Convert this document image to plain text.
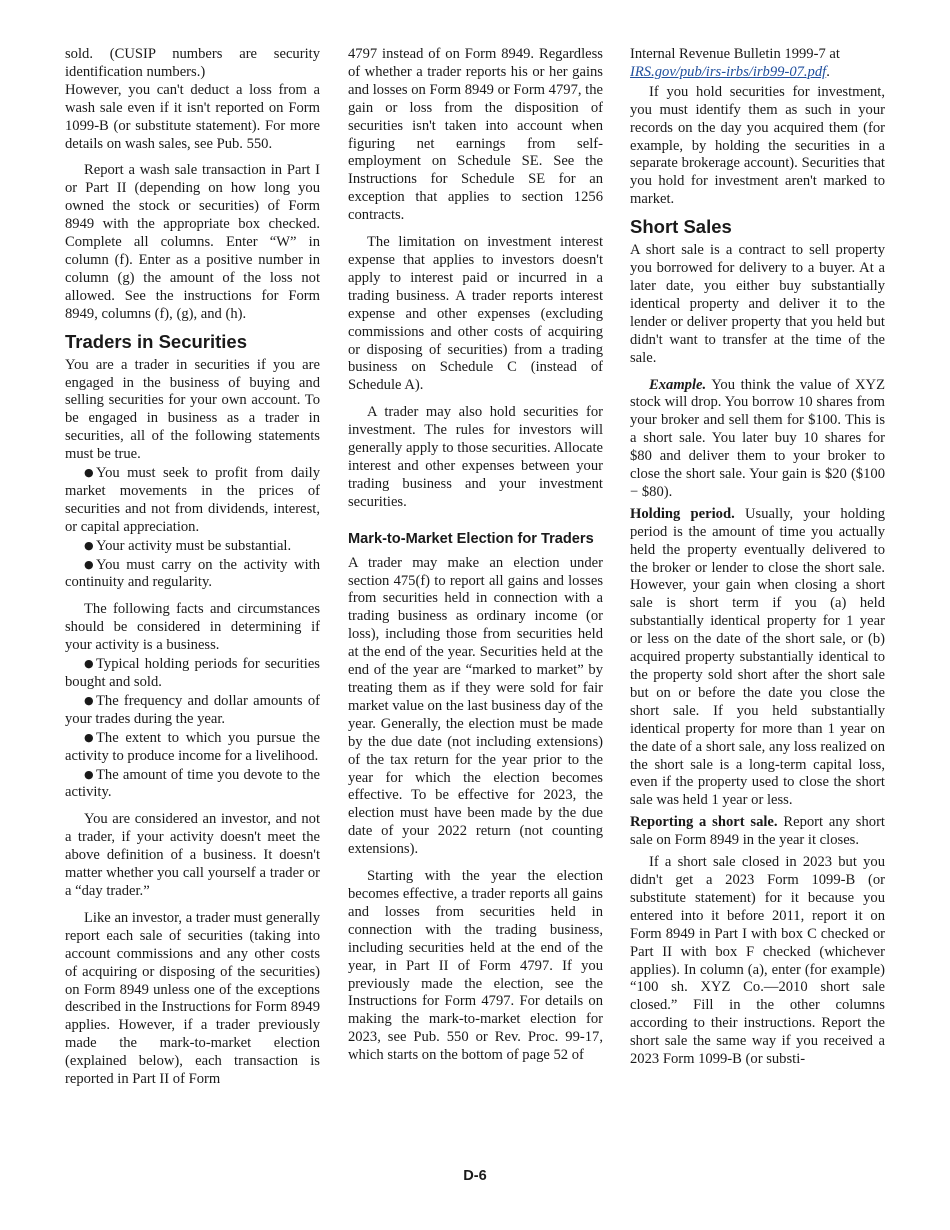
sold. (CUSIP numbers are security identification numbers.)

However, you can't deduct a loss from a wash sale even if it isn't reported on Form 1099-B (or substitute statement). For more details on wash sales, see Pub. 550.

Report a wash sale transaction in Part I or Part II (depending on how long you owned the stock or securities) of Form 8949 with the appropriate box checked. Complete all columns. Enter “W” in column (f). Enter as a positive number in column (g) the amount of the loss not allowed. See the instructions for Form 8949, columns (f), (g), and (h).

Traders in Securities

You are a trader in securities if you are engaged in the business of buying and selling securities for your own account. To be engaged in business as a trader in securities, all of the following statements must be true.

● You must seek to profit from daily market movements in the prices of securities and not from dividends, interest, or capital appreciation.

● Your activity must be substantial.

● You must carry on the activity with continuity and regularity.

The following facts and circumstances should be considered in determining if your activity is a business.

● Typical holding periods for securities bought and sold.

● The frequency and dollar amounts of your trades during the year.

● The extent to which you pursue the activity to produce income for a livelihood.

● The amount of time you devote to the activity.

You are considered an investor, and not a trader, if your activity doesn't meet the above definition of a business. It doesn't matter whether you call yourself a trader or a “day trader.”

Like an investor, a trader must generally report each sale of securities (taking into account commissions and any other costs of acquiring or disposing of the securities) on Form 8949 unless one of the exceptions described in the Instructions for Form 8949 applies. However, if a trader previously made the mark-to-market election (explained below), each transaction is reported in Part II of Form

4797 instead of on Form 8949. Regardless of whether a trader reports his or her gains and losses on Form 8949 or Form 4797, the gain or loss from the disposition of securities isn't taken into account when figuring net earnings from self-employment on Schedule SE. See the Instructions for Schedule SE for an exception that applies to section 1256 contracts.

The limitation on investment interest expense that applies to investors doesn't apply to interest paid or incurred in a trading business. A trader reports interest expense and other expenses (excluding commissions and other costs of acquiring or disposing of securities) from a trading business on Schedule C (instead of Schedule A).

A trader may also hold securities for investment. The rules for investors will generally apply to those securities. Allocate interest and other expenses between your trading business and your investment securities.

Mark-to-Market Election for Traders

A trader may make an election under section 475(f) to report all gains and losses from securities held in connection with a trading business as ordinary income (or loss), including those from securities held at the end of the year. Securities held at the end of the year are “marked to market” by treating them as if they were sold for fair market value on the last business day of the year. Generally, the election must be made by the due date (not including extensions) of the tax return for the year prior to the year for which the election becomes effective. To be effective for 2023, the election must have been made by the due date of your 2022 return (not counting extensions).

Starting with the year the election becomes effective, a trader reports all gains and losses from securities held in connection with the trading business, including securities held at the end of the year, in Part II of Form 4797. If you previously made the election, see the Instructions for Form 4797. For details on making the mark-to-market election for 2023, see Pub. 550 or Rev. Proc. 99-17, which starts on the bottom of page 52 of

Internal Revenue Bulletin 1999-7 at IRS.gov/pub/irs-irbs/irb99-07.pdf.

If you hold securities for investment, you must identify them as such in your records on the day you acquired them (for example, by holding the securities in a separate brokerage account). Securities that you hold for investment aren't marked to market.

Short Sales

A short sale is a contract to sell property you borrowed for delivery to a buyer. At a later date, you either buy substantially identical property and deliver it to the lender or deliver property that you held but didn't want to transfer at the time of the sale.

Example. You think the value of XYZ stock will drop. You borrow 10 shares from your broker and sell them for $100. This is a short sale. You later buy 10 shares for $80 and deliver them to your broker to close the short sale. Your gain is $20 ($100 − $80).

Holding period. Usually, your holding period is the amount of time you actually held the property eventually delivered to the broker or lender to close the short sale. However, your gain when closing a short sale is short term if you (a) held substantially identical property for 1 year or less on the date of the short sale, or (b) acquired property substantially identical to the property sold short after the short sale but on or before the date you close the short sale. If you held substantially identical property for more than 1 year on the date of a short sale, any loss realized on the short sale is a long-term capital loss, even if the property used to close the short sale was held 1 year or less.

Reporting a short sale. Report any short sale on Form 8949 in the year it closes.

If a short sale closed in 2023 but you didn't get a 2023 Form 1099-B (or substitute statement) for it because you entered into it before 2011, report it on Form 8949 in Part I with box C checked or Part II with box F checked (whichever applies). In column (a), enter (for example) “100 sh. XYZ Co.—2010 short sale closed.” Fill in the other columns according to their instructions. Report the short sale the same way if you received a 2023 Form 1099-B (or substi-

D-6
